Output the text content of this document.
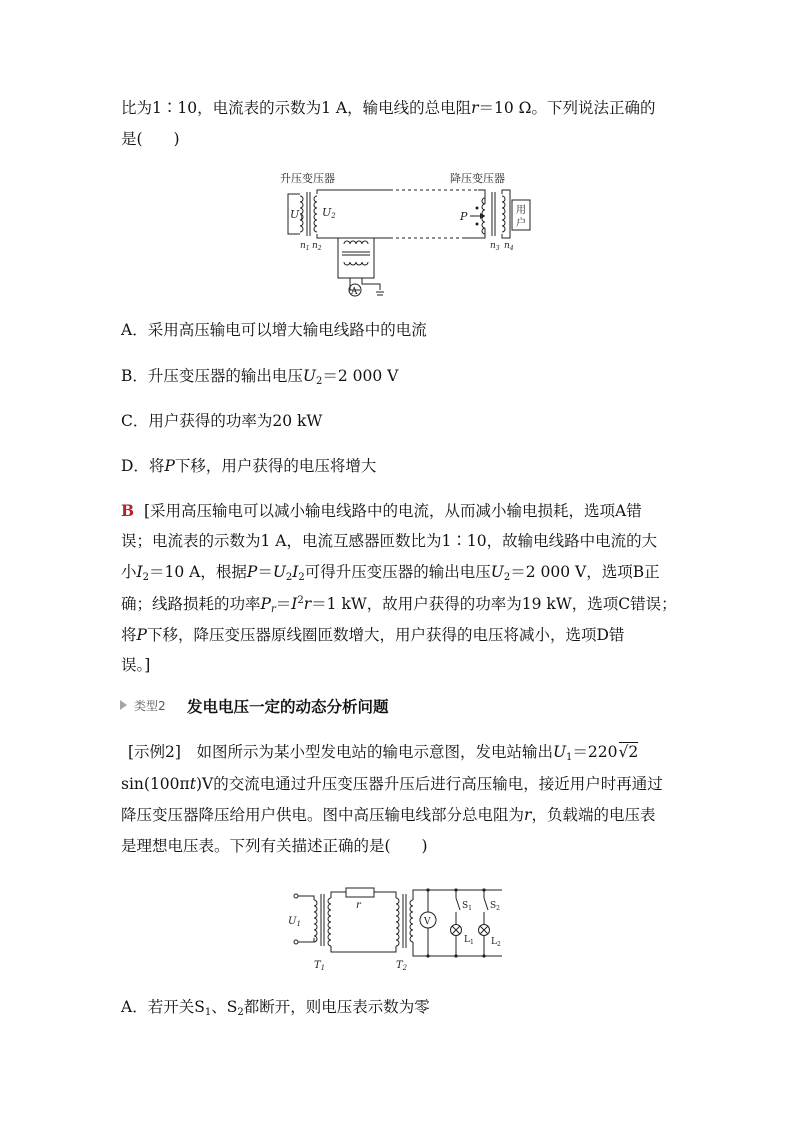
比为1∶10，电流表的示数为1 A，输电线的总电阻r＝10 Ω。下列说法正确的
是(　　)
升压变压器	降压变压器
U1 U2
$n_1$ $n_2$
P
$n_3$ $n_4$
用
户
A
A．采用高压输电可以增大输电线路中的电流
B．升压变压器的输出电压$U_2=2$ 000 V
C．用户获得的功率为20 kW
D．将P下移，用户获得的电压将增大
B [采用高压输电可以减小输电线路中的电流，从而减小输电损耗，选项A错
误；电流表的示数为1 A，电流互感器匝数比为1∶10，故输电线路中电流的大
小$I_2=10$ A，根据$P=U_2I_2$可得升压变压器的输出电压$U_2=2$ 000 V，选项B正
确；线路损耗的功率$P_r=I^2r=1$ kW，故用户获得的功率为19 kW，选项C错误；
将P下移，降压变压器原线圈匝数增大，用户获得的电压将减小，选项D错
误。]
类型2 发电电压一定的动态分析问题
[示例2]　如图所示为某小型发电站的输电示意图，发电站输出$U_1=220√2$
sin(100πt)V的交流电通过升压变压器升压后进行高压输电，接近用户时再通过
降压变压器降压给用户供电。图中高压输电线部分总电阻为r，负载端的电压表
是理想电压表。下列有关描述正确的是(　　)
$U_1$
r
$T_1$	$T_2$
V
$S_1$ $S_2$
$L_1$ $L_2$
A．若开关$S_1$、$S_2$都断开，则电压表示数为零
